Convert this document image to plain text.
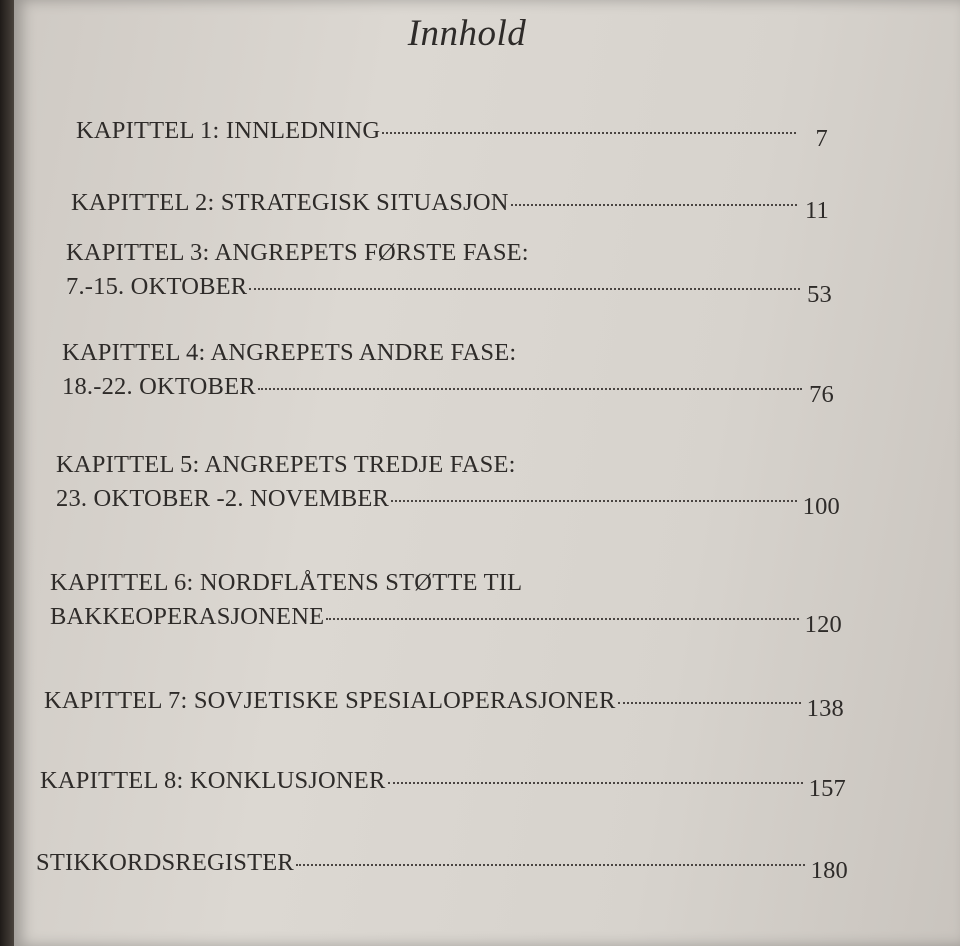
Innhold
KAPITTEL 1: INNLEDNING	7
KAPITTEL 2: STRATEGISK SITUASJON	11
KAPITTEL 3: ANGREPETS FØRSTE FASE:
7.-15. OKTOBER	53
KAPITTEL 4: ANGREPETS ANDRE FASE:
18.-22. OKTOBER	76
KAPITTEL 5: ANGREPETS TREDJE FASE:
23. OKTOBER -2. NOVEMBER	100
KAPITTEL 6: NORDFLÅTENS STØTTE TIL
BAKKEOPERASJONENE	120
KAPITTEL 7: SOVJETISKE SPESIALOPERASJONER	138
KAPITTEL 8: KONKLUSJONER	157
STIKKORDSREGISTER	180
